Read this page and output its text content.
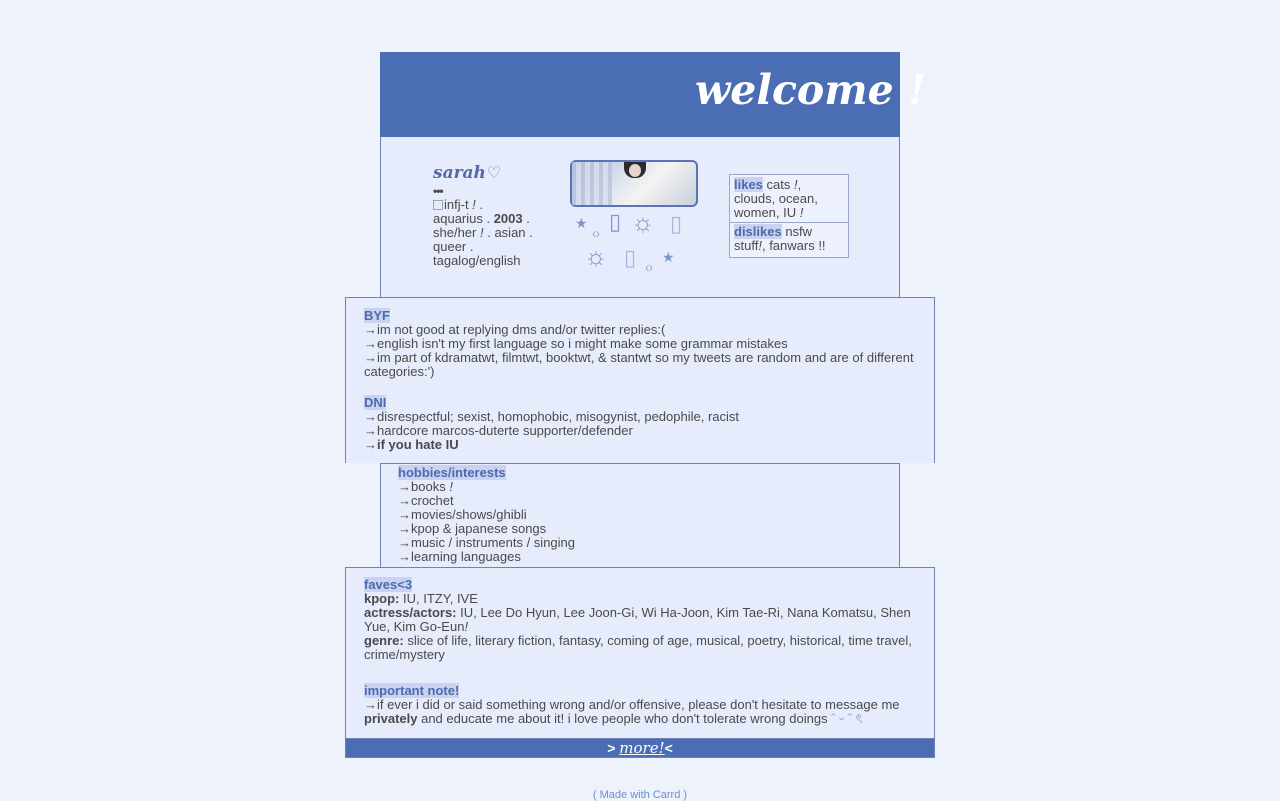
welcome !
sarah♡
•••
infj-t ! .
aquarius . 2003 .
she/her ! . asian .
queer .
tagalog/english
★
ｏ
▯ ☼ ▯
☼ ▯ ｏ
★
likes cats !, clouds, ocean, women, IU !
dislikes nsfw stuff!, fanwars !!
BYF
→im not good at replying dms and/or twitter replies:(
→english isn't my first language so i might make some grammar mistakes
→im part of kdramatwt, filmtwt, booktwt, & stantwt so my tweets are random and are of different categories:')
DNI
→disrespectful; sexist, homophobic, misogynist, pedophile, racist
→hardcore marcos-duterte supporter/defender
→if you hate IU
hobbies/interests
→books !
→crochet
→movies/shows/ghibli
→kpop & japanese songs
→music / instruments / singing
→learning languages
faves<3
kpop: IU, ITZY, IVE
actress/actors: IU, Lee Do Hyun, Lee Joon-Gi, Wi Ha-Joon, Kim Tae-Ri, Nana Komatsu, Shen Yue, Kim Go-Eun!
genre: slice of life, literary fiction, fantasy, coming of age, musical, poetry, historical, time travel, crime/mystery
important note!
→if ever i did or said something wrong and/or offensive, please don't hesitate to message me privately and educate me about it! i love people who don't tolerate wrong doings ˆ ᵕ ˆ ৎ
> more!<
( Made with Carrd )
